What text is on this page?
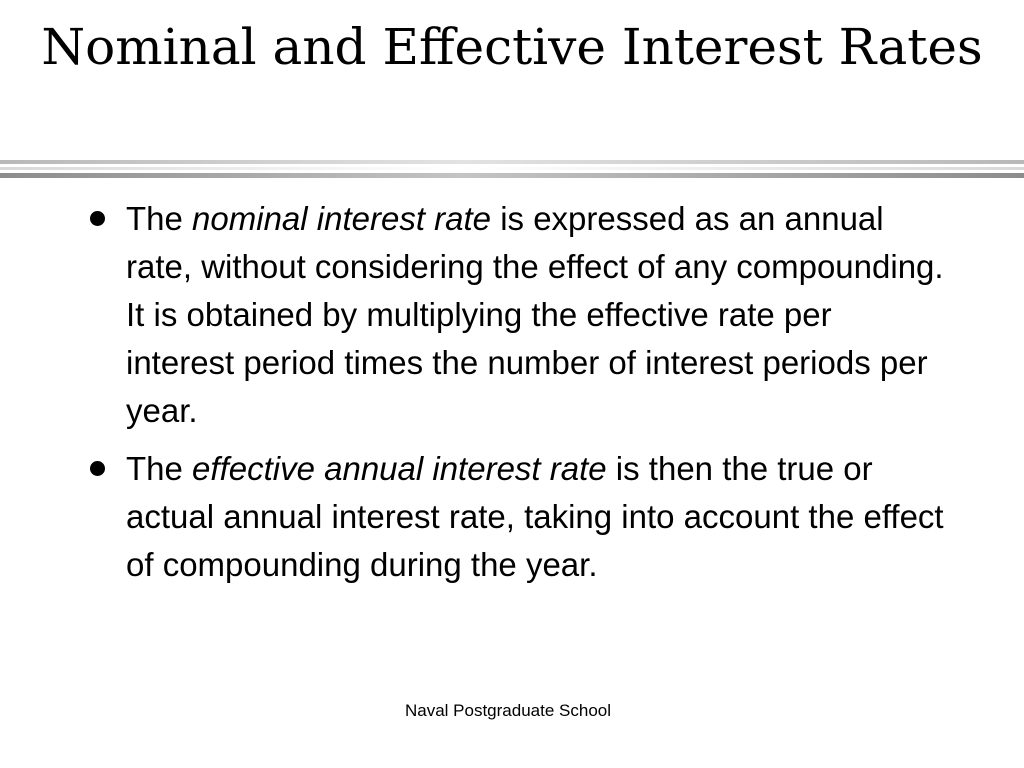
Nominal and Effective Interest Rates
The nominal interest rate is expressed as an annual rate, without considering the effect of any compounding. It is obtained by multiplying the effective rate per interest period times the number of interest periods per year.
The effective annual interest rate is then the true or actual annual interest rate, taking into account the effect of compounding during the year.
Naval Postgraduate School
